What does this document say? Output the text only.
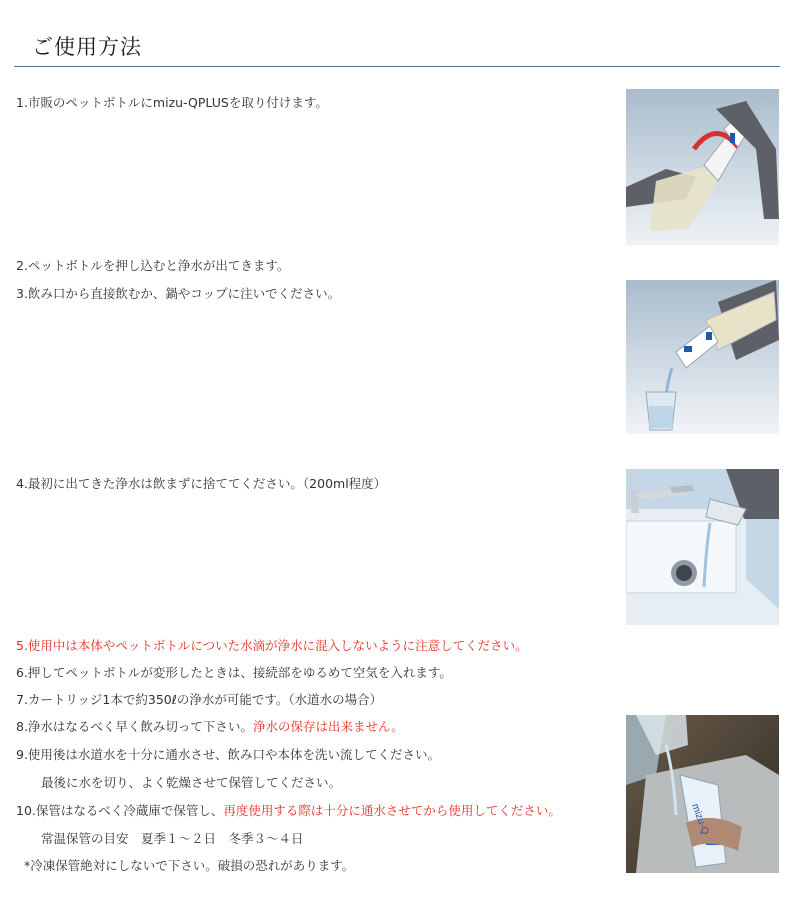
ご使用方法
1.市販のペットボトルにmizu-QPLUSを取り付けます。
2.ペットボトルを押し込むと浄水が出てきます。
3.飲み口から直接飲むか、鍋やコップに注いでください。
4.最初に出てきた浄水は飲まずに捨ててください。（200ml程度）
5.使用中は本体やペットボトルについた水滴が浄水に混入しないように注意してください。
6.押してペットボトルが変形したときは、接続部をゆるめて空気を入れます。
7.カートリッジ1本で約350ℓの浄水が可能です。（水道水の場合）
8.浄水はなるべく早く飲み切って下さい。浄水の保存は出来ません。
9.使用後は水道水を十分に通水させ、飲み口や本体を洗い流してください。
最後に水を切り、よく乾燥させて保管してください。
10.保管はなるべく冷蔵庫で保管し、再度使用する際は十分に通水させてから使用してください。
常温保管の目安　夏季１～２日　冬季３～４日
*冷凍保管絶対にしないで下さい。破損の恐れがあります。
mizu-Q
